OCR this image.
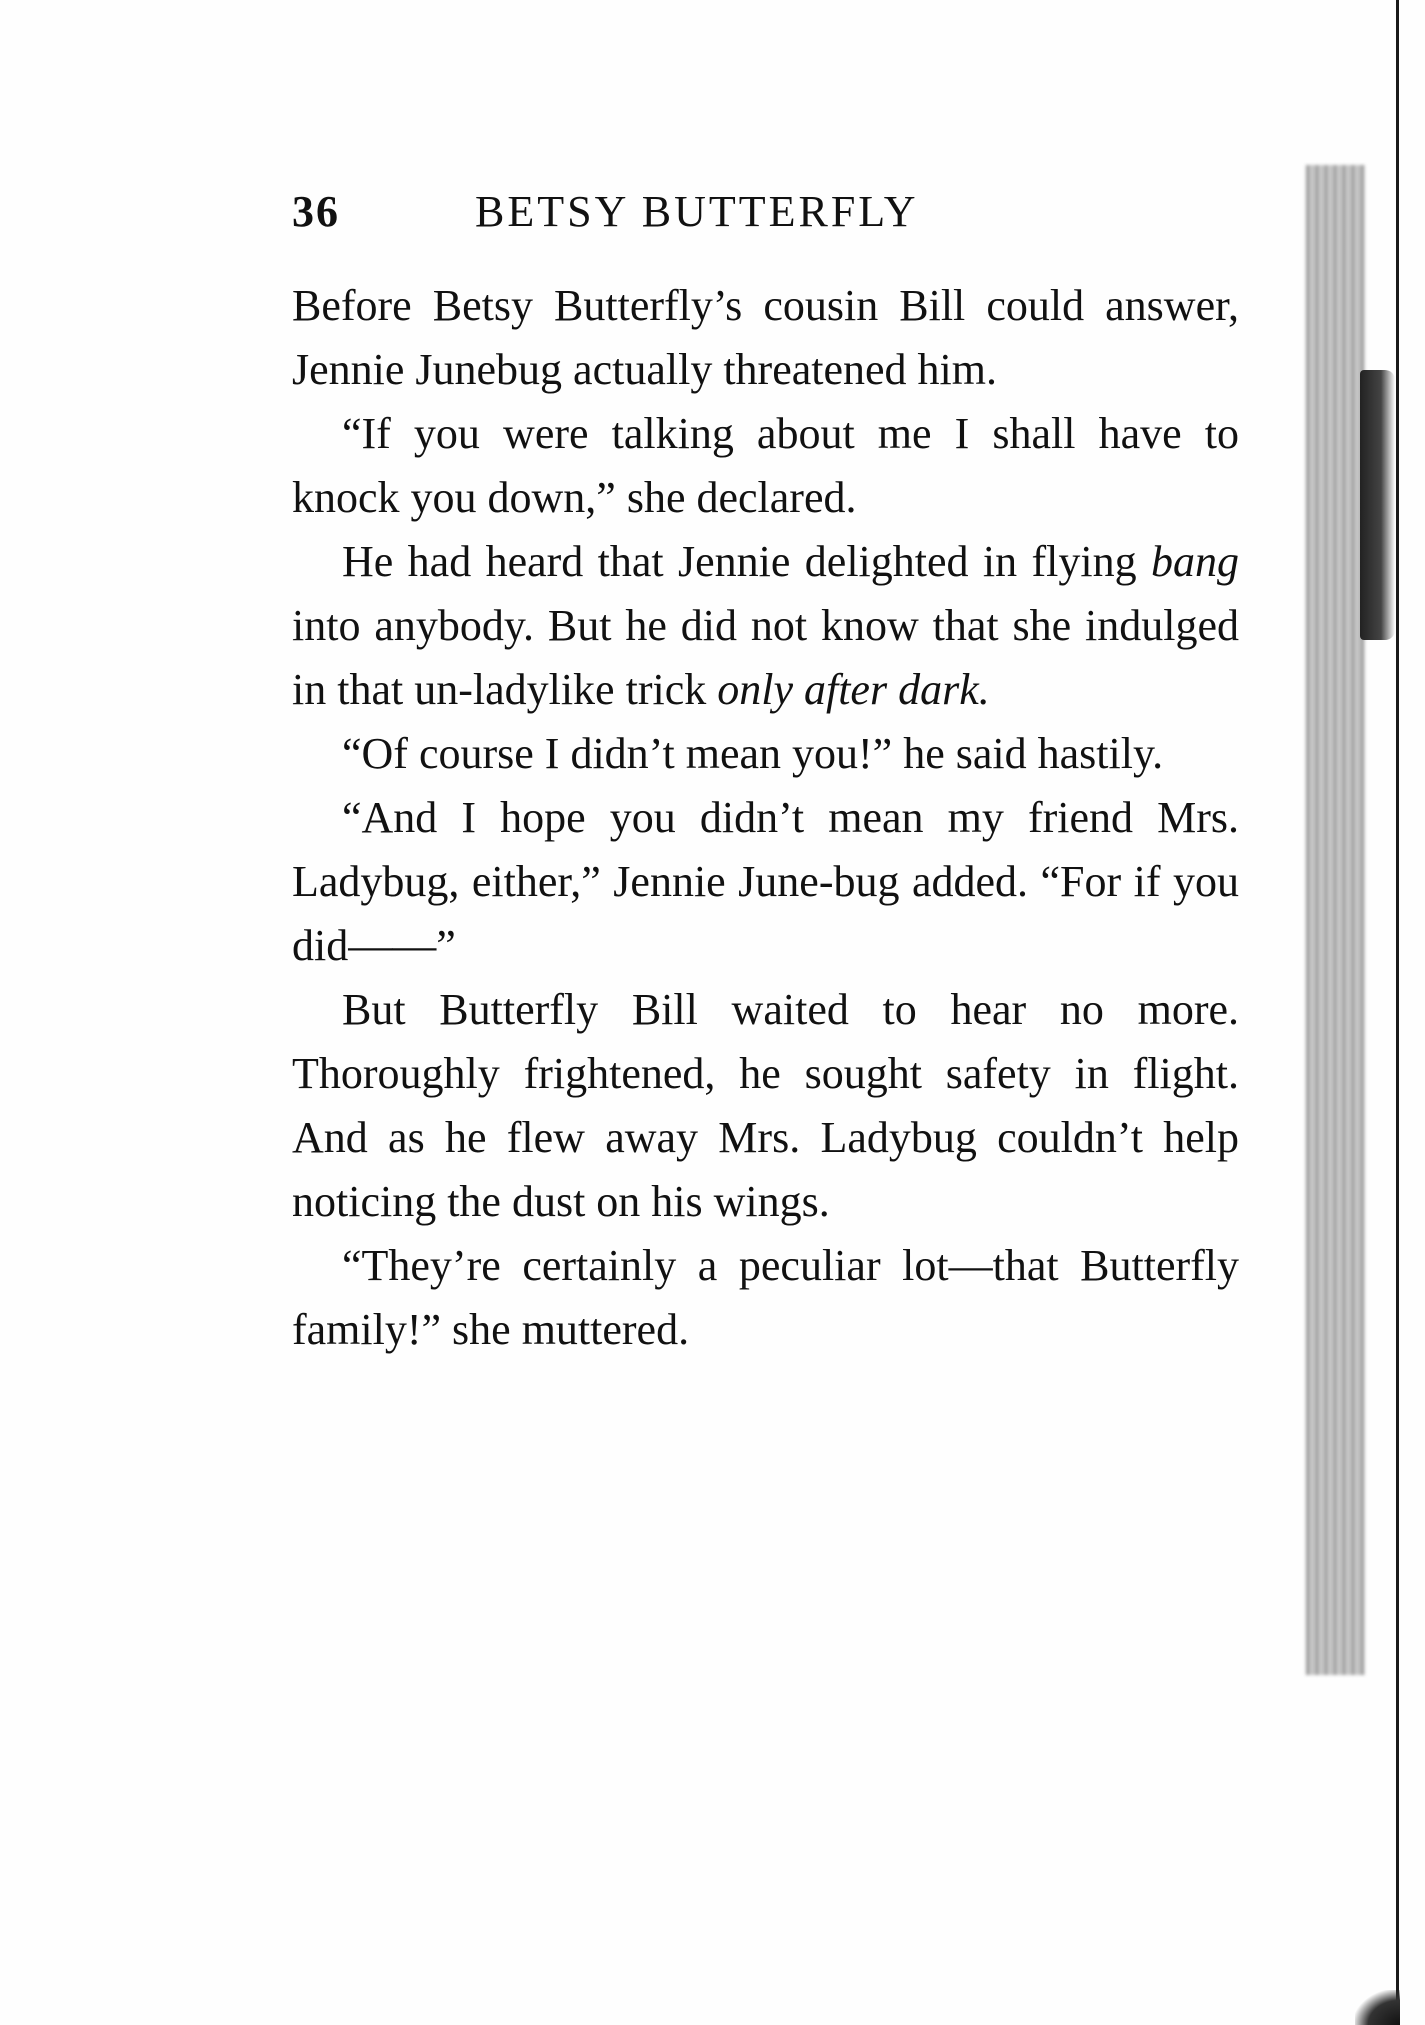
36	BETSY BUTTERFLY

Before Betsy Butterfly’s cousin Bill could answer, Jennie Junebug actually threatened him.

“If you were talking about me I shall have to knock you down,” she declared.

He had heard that Jennie delighted in flying bang into anybody. But he did not know that she indulged in that un-ladylike trick only after dark.

“Of course I didn’t mean you!” he said hastily.

“And I hope you didn’t mean my friend Mrs. Ladybug, either,” Jennie June-bug added. “For if you did——”

But Butterfly Bill waited to hear no more. Thoroughly frightened, he sought safety in flight. And as he flew away Mrs. Ladybug couldn’t help noticing the dust on his wings.

“They’re certainly a peculiar lot—that Butterfly family!” she muttered.
